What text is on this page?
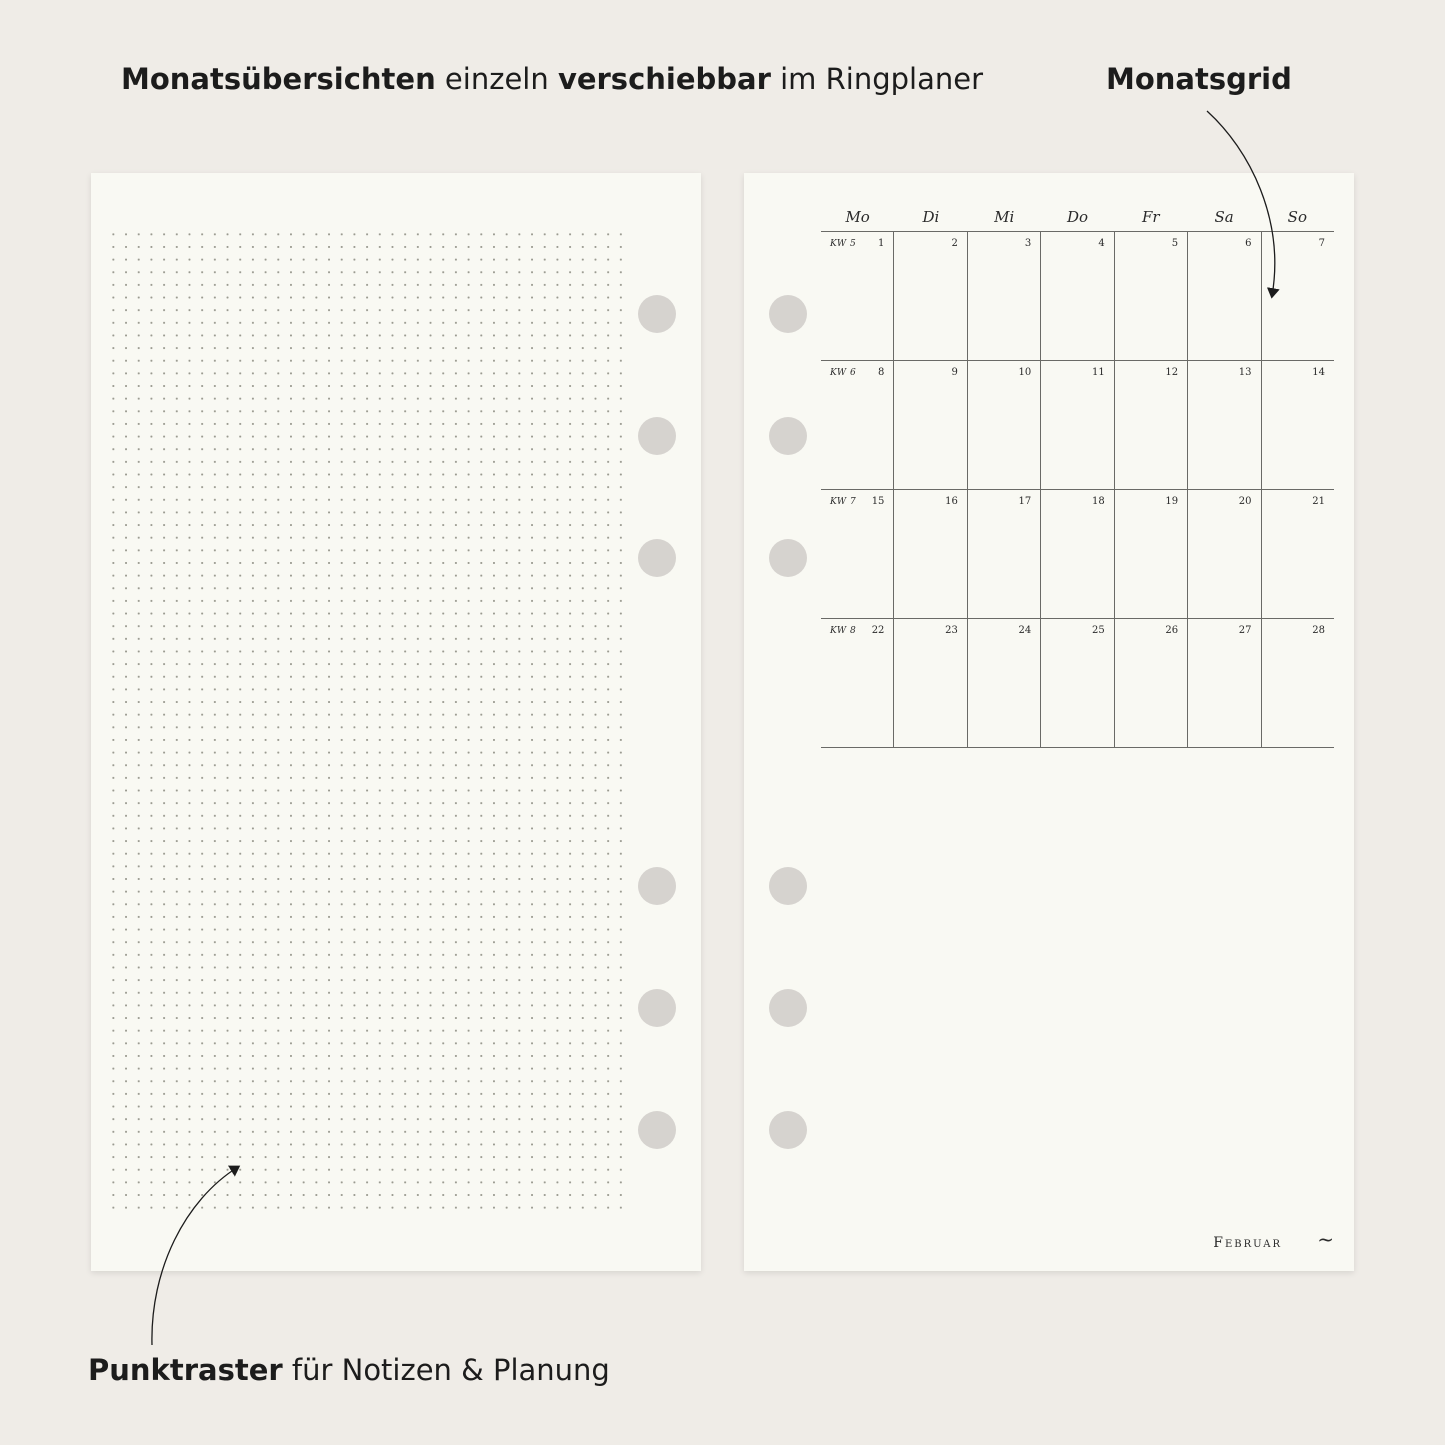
Monatsübersichten einzeln verschiebbar im Ringplaner	Monatsgrid
Mo	Di	Mi	Do	Fr	Sa	So
KW 5 1	2	3	4	5	6	7
KW 6 8	9	10	11	12	13	14
KW 7 15	16	17	18	19	20	21
KW 8 22	23	24	25	26	27	28
Februar ~
Punktraster für Notizen & Planung
